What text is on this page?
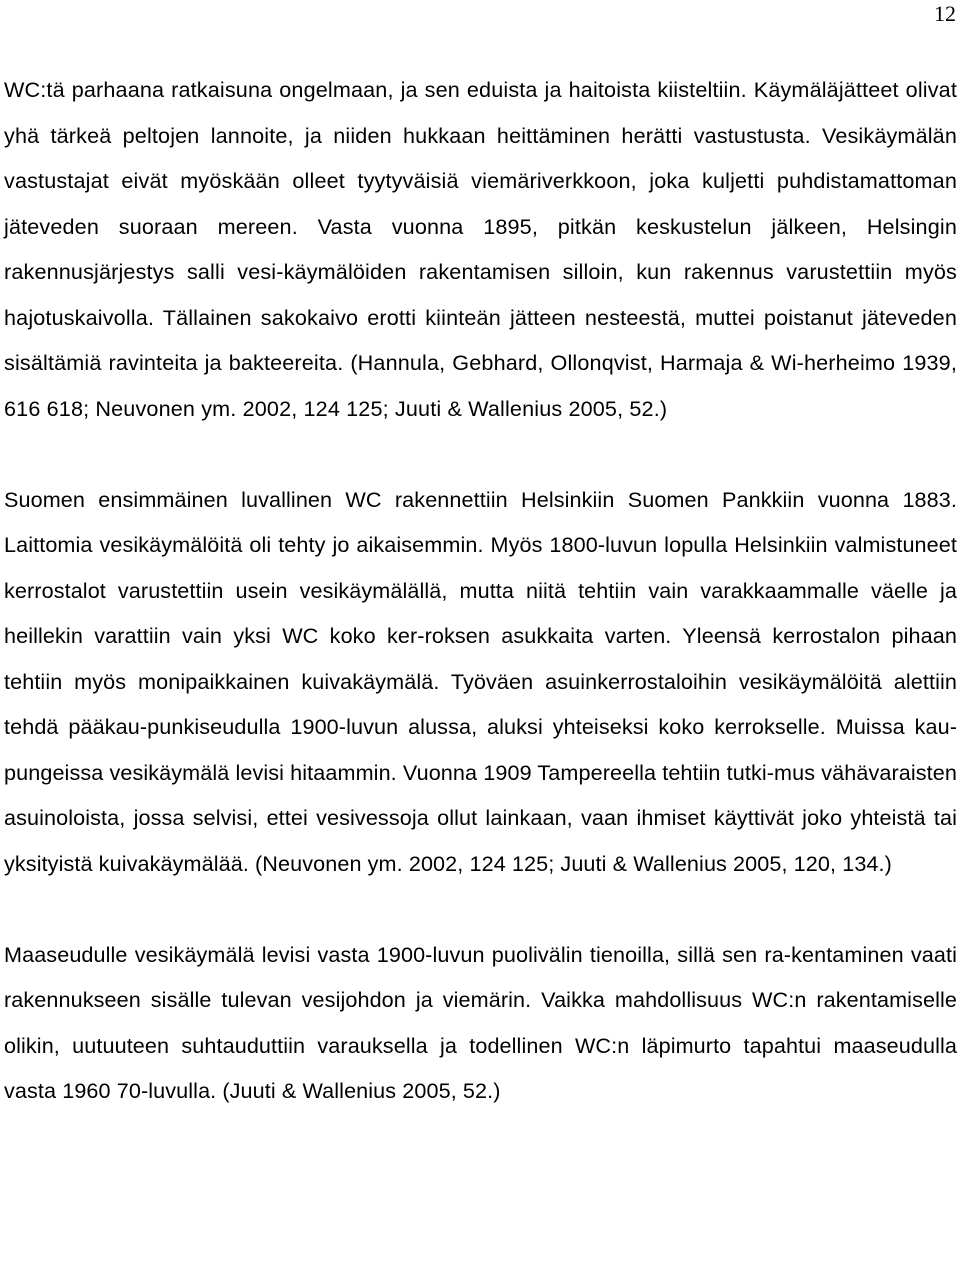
12

WC:tä parhaana ratkaisuna ongelmaan, ja sen eduista ja haitoista kiisteltiin. Käymäläjätteet olivat yhä tärkeä peltojen lannoite, ja niiden hukkaan heittäminen herätti vastustusta. Vesikäymälän vastustajat eivät myöskään olleet tyytyväisiä viemäriverkkoon, joka kuljetti puhdistamattoman jäteveden suoraan mereen. Vasta vuonna 1895, pitkän keskustelun jälkeen, Helsingin rakennusjärjestys salli vesi-käymälöiden rakentamisen silloin, kun rakennus varustettiin myös hajotuskaivolla. Tällainen sakokaivo erotti kiinteän jätteen nesteestä, muttei poistanut jäteveden sisältämiä ravinteita ja bakteereita. (Hannula, Gebhard, Ollonqvist, Harmaja & Wi-herheimo 1939, 616 618; Neuvonen ym. 2002, 124 125; Juuti & Wallenius 2005, 52.)

Suomen ensimmäinen luvallinen WC rakennettiin Helsinkiin Suomen Pankkiin vuonna 1883. Laittomia vesikäymälöitä oli tehty jo aikaisemmin. Myös 1800-luvun lopulla Helsinkiin valmistuneet kerrostalot varustettiin usein vesikäymälällä, mutta niitä tehtiin vain varakkaammalle väelle ja heillekin varattiin vain yksi WC koko ker-roksen asukkaita varten. Yleensä kerrostalon pihaan tehtiin myös monipaikkainen kuivakäymälä. Työväen asuinkerrostaloihin vesikäymälöitä alettiin tehdä pääkau-punkiseudulla 1900-luvun alussa, aluksi yhteiseksi koko kerrokselle. Muissa kau-pungeissa vesikäymälä levisi hitaammin. Vuonna 1909 Tampereella tehtiin tutki-mus vähävaraisten asuinoloista, jossa selvisi, ettei vesivessoja ollut lainkaan, vaan ihmiset käyttivät joko yhteistä tai yksityistä kuivakäymälää. (Neuvonen ym. 2002, 124 125; Juuti & Wallenius 2005, 120, 134.)

Maaseudulle vesikäymälä levisi vasta 1900-luvun puolivälin tienoilla, sillä sen ra-kentaminen vaati rakennukseen sisälle tulevan vesijohdon ja viemärin. Vaikka mahdollisuus WC:n rakentamiselle olikin, uutuuteen suhtauduttiin varauksella ja todellinen WC:n läpimurto tapahtui maaseudulla vasta 1960 70-luvulla. (Juuti & Wallenius 2005, 52.)
